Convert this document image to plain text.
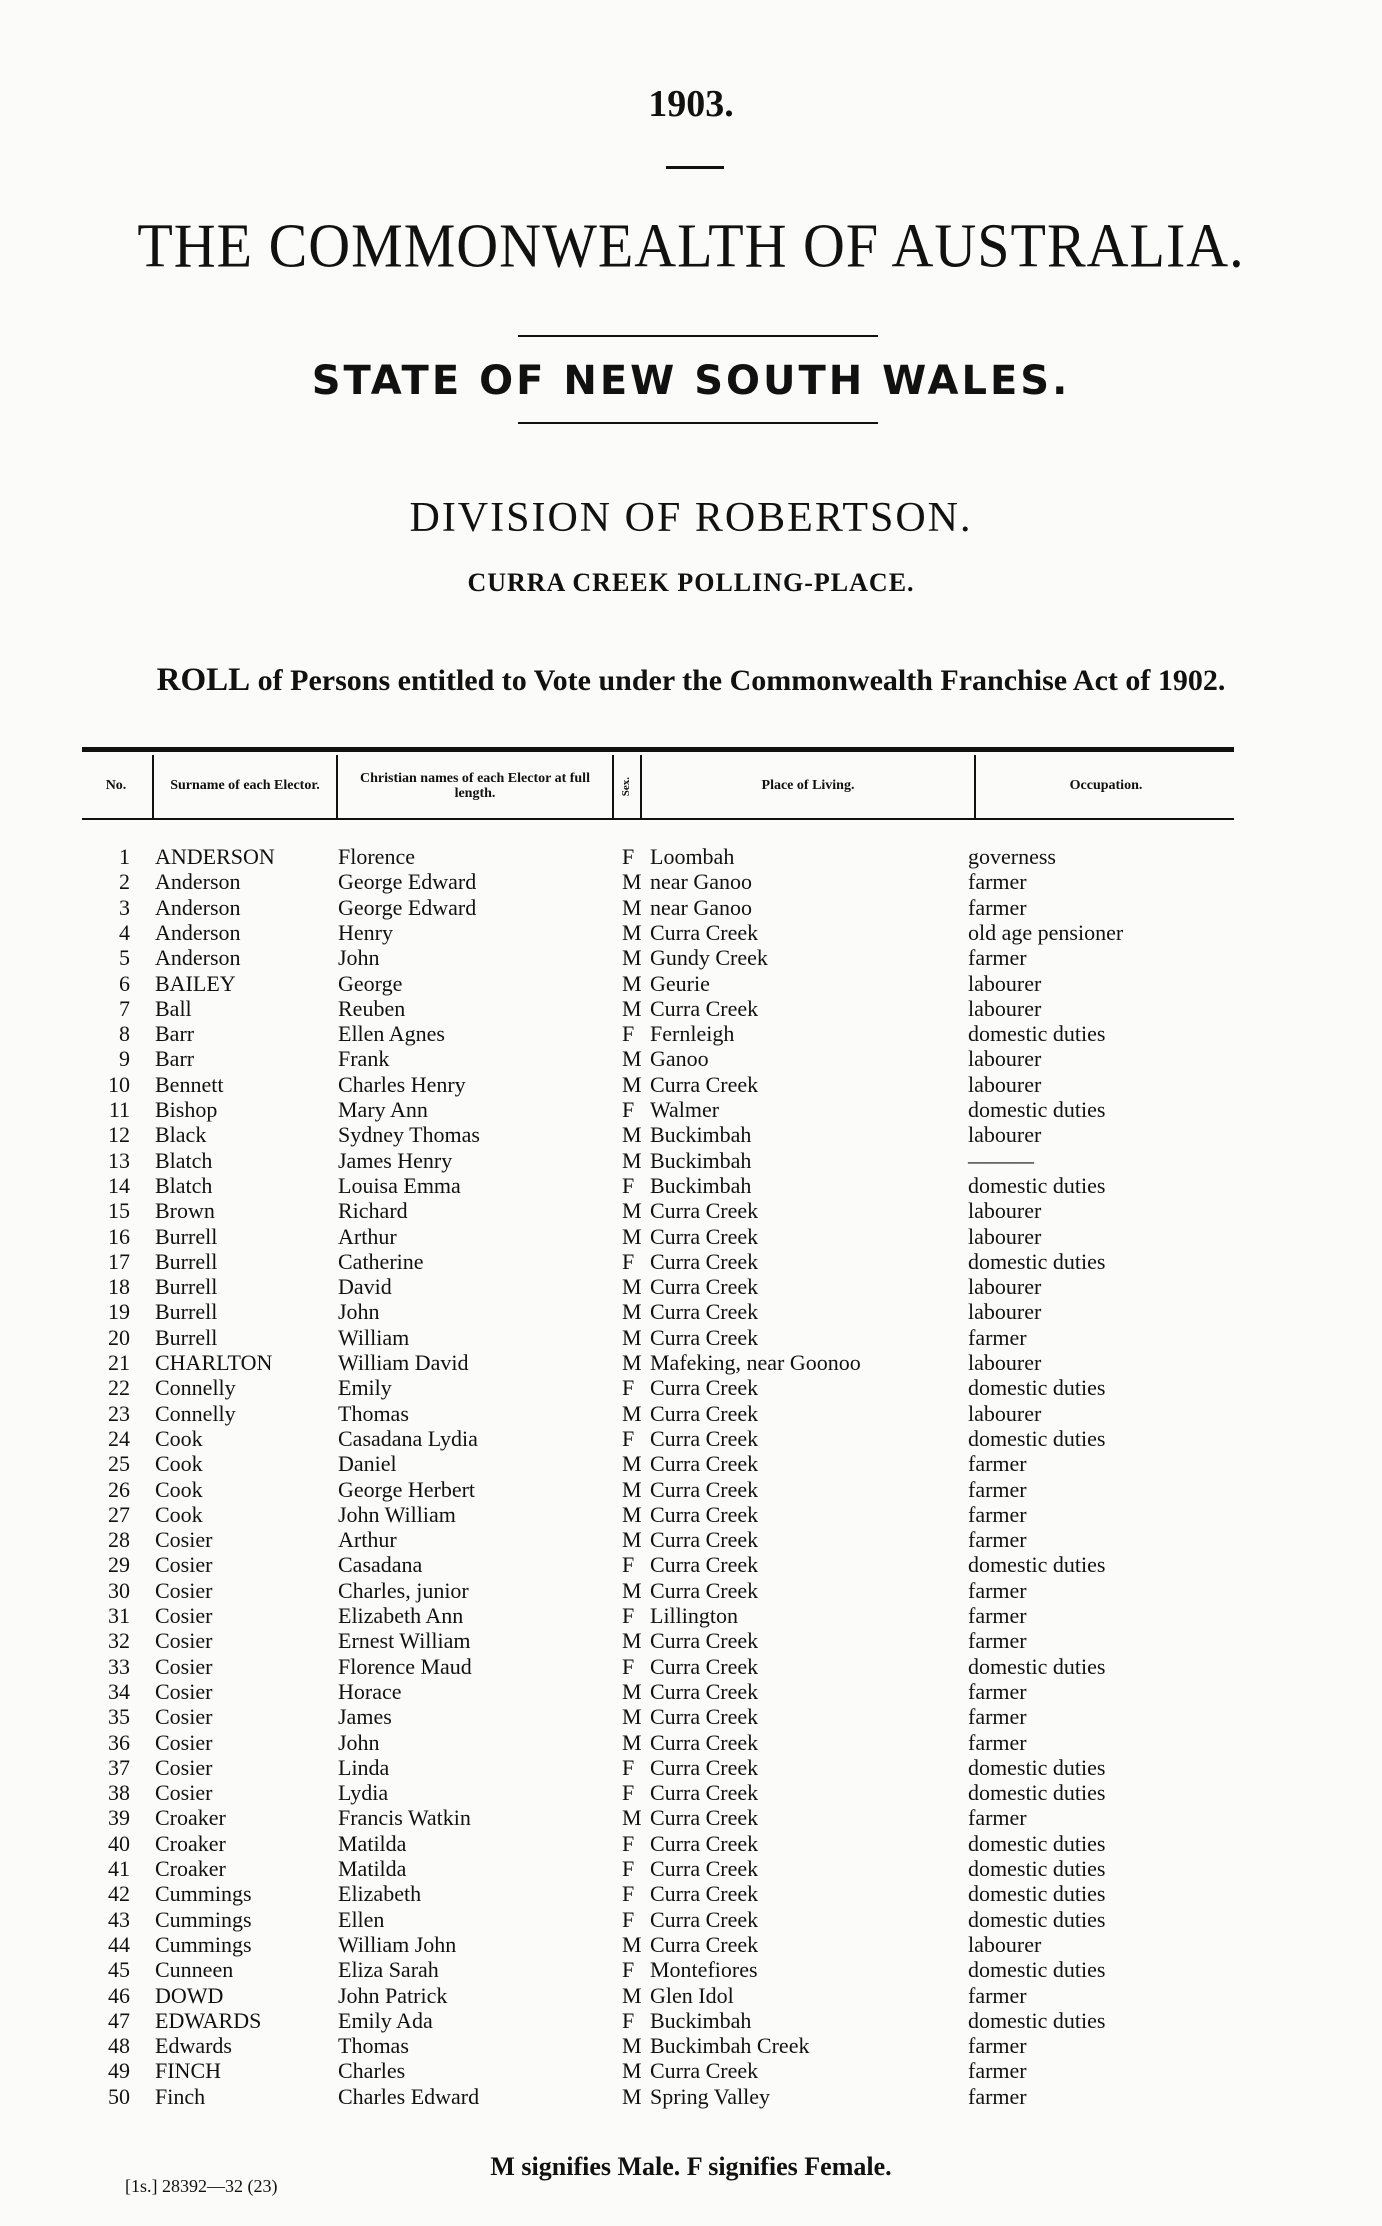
1903.
THE COMMONWEALTH OF AUSTRALIA.
STATE OF NEW SOUTH WALES.
DIVISION OF ROBERTSON.
CURRA CREEK POLLING-PLACE.
ROLL of Persons entitled to Vote under the Commonwealth Franchise Act of 1902.
No.	Surname of each Elector.	Christian names of each Elector at full length.	Sex.	Place of Living.	Occupation.
1 ANDERSON	Florence	F Loombah	governess
2 Anderson	George Edward	M near Ganoo	farmer
3 Anderson	George Edward	M near Ganoo	farmer
4 Anderson	Henry	M Curra Creek	old age pensioner
5 Anderson	John	M Gundy Creek	farmer
6 BAILEY	George	M Geurie	labourer
7 Ball	Reuben	M Curra Creek	labourer
8 Barr	Ellen Agnes	F Fernleigh	domestic duties
9 Barr	Frank	M Ganoo	labourer
10 Bennett	Charles Henry	M Curra Creek	labourer
11 Bishop	Mary Ann	F Walmer	domestic duties
12 Black	Sydney Thomas	M Buckimbah	labourer
13 Blatch	James Henry	M Buckimbah	———
14 Blatch	Louisa Emma	F Buckimbah	domestic duties
15 Brown	Richard	M Curra Creek	labourer
16 Burrell	Arthur	M Curra Creek	labourer
17 Burrell	Catherine	F Curra Creek	domestic duties
18 Burrell	David	M Curra Creek	labourer
19 Burrell	John	M Curra Creek	labourer
20 Burrell	William	M Curra Creek	farmer
21 CHARLTON	William David	M Mafeking, near Goonoo	labourer
22 Connelly	Emily	F Curra Creek	domestic duties
23 Connelly	Thomas	M Curra Creek	labourer
24 Cook	Casadana Lydia	F Curra Creek	domestic duties
25 Cook	Daniel	M Curra Creek	farmer
26 Cook	George Herbert	M Curra Creek	farmer
27 Cook	John William	M Curra Creek	farmer
28 Cosier	Arthur	M Curra Creek	farmer
29 Cosier	Casadana	F Curra Creek	domestic duties
30 Cosier	Charles, junior	M Curra Creek	farmer
31 Cosier	Elizabeth Ann	F Lillington	farmer
32 Cosier	Ernest William	M Curra Creek	farmer
33 Cosier	Florence Maud	F Curra Creek	domestic duties
34 Cosier	Horace	M Curra Creek	farmer
35 Cosier	James	M Curra Creek	farmer
36 Cosier	John	M Curra Creek	farmer
37 Cosier	Linda	F Curra Creek	domestic duties
38 Cosier	Lydia	F Curra Creek	domestic duties
39 Croaker	Francis Watkin	M Curra Creek	farmer
40 Croaker	Matilda	F Curra Creek	domestic duties
41 Croaker	Matilda	F Curra Creek	domestic duties
42 Cummings	Elizabeth	F Curra Creek	domestic duties
43 Cummings	Ellen	F Curra Creek	domestic duties
44 Cummings	William John	M Curra Creek	labourer
45 Cunneen	Eliza Sarah	F Montefiores	domestic duties
46 DOWD	John Patrick	M Glen Idol	farmer
47 EDWARDS	Emily Ada	F Buckimbah	domestic duties
48 Edwards	Thomas	M Buckimbah Creek	farmer
49 FINCH	Charles	M Curra Creek	farmer
50 Finch	Charles Edward	M Spring Valley	farmer
M signifies Male. F signifies Female.
[1s.] 28392—32 (23)
